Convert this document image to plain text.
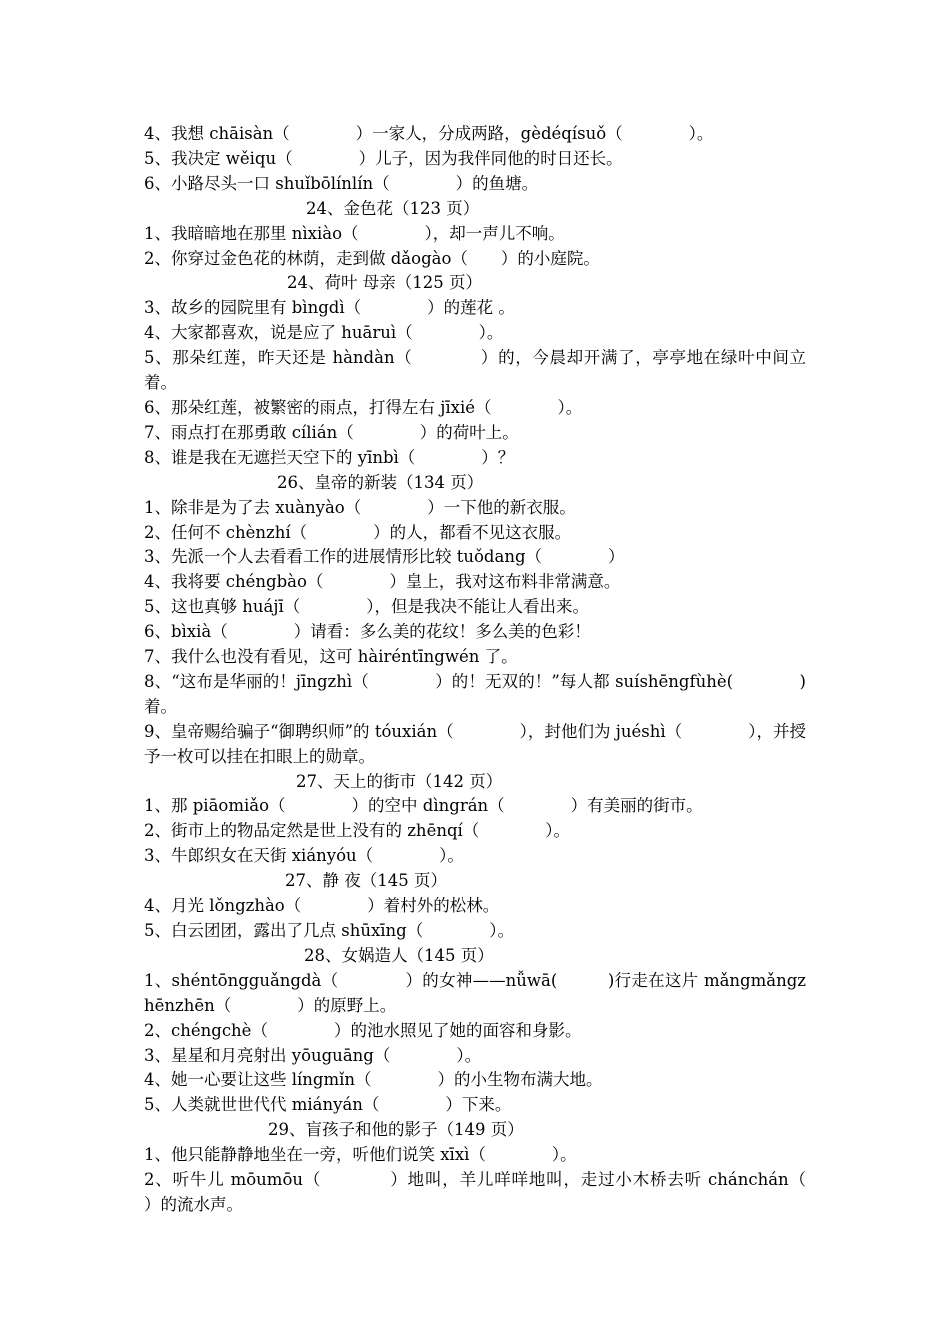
4、我想 chāisàn（　　　　）一家人，分成两路，gèdéqísuǒ（　　　　）。
5、我决定 wěiqu（　　　　）儿子，因为我伴同他的时日还长。
6、小路尽头一口 shuǐbōlínlín（　　　　）的鱼塘。
24、金色花（123 页）
1、我暗暗地在那里 nìxiào（　　　　），却一声儿不响。
2、你穿过金色花的林荫，走到做 dǎogào（　　）的小庭院。
24、荷叶 母亲（125 页）
3、故乡的园院里有 bìngdì（　　　　）的莲花 。
4、大家都喜欢，说是应了 huāruì（　　　　）。
5、那朵红莲，昨天还是 hàndàn（　　　　）的，今晨却开满了，亭亭地在绿叶中间立着。
6、那朵红莲，被繁密的雨点，打得左右 jīxié（　　　　）。
7、雨点打在那勇敢 cílián（　　　　）的荷叶上。
8、谁是我在无遮拦天空下的 yīnbì（　　　　）？
26、皇帝的新装（134 页）
1、除非是为了去 xuànyào（　　　　）一下他的新衣服。
2、任何不 chènzhí（　　　　）的人，都看不见这衣服。
3、先派一个人去看看工作的进展情形比较 tuǒdang（　　　　）
4、我将要 chéngbào（　　　　）皇上，我对这布料非常满意。
5、这也真够 huájī（　　　　），但是我决不能让人看出来。
6、bìxià（　　　　）请看：多么美的花纹！多么美的色彩！
7、我什么也没有看见，这可 hàiréntīngwén 了。
8、“这布是华丽的！jīngzhì（　　　　）的！无双的！”每人都 suíshēngfùhè(　　　　)着。
9、皇帝赐给骗子“御聘织师”的 tóuxián（　　　　），封他们为 juéshì（　　　　），并授予一枚可以挂在扣眼上的勋章。
27、天上的街市（142 页）
1、那 piāomiǎo（　　　　）的空中 dìngrán（　　　　）有美丽的街市。
2、街市上的物品定然是世上没有的 zhēnqí（　　　　）。
3、牛郎织女在天街 xiányóu（　　　　）。
27、静 夜（145 页）
4、月光 lǒngzhào（　　　　）着村外的松林。
5、白云团团，露出了几点 shūxīng（　　　　）。
28、女娲造人（145 页）
1、shéntōngguǎngdà（　　　　）的女神——nǚwā(　　　)行走在这片 mǎngmǎngzhēnzhēn（　　　　）的原野上。
2、chéngchè（　　　　）的池水照见了她的面容和身影。
3、星星和月亮射出 yōuguāng（　　　　）。
4、她一心要让这些 língmǐn（　　　　）的小生物布满大地。
5、人类就世世代代 miányán（　　　　）下来。
29、盲孩子和他的影子（149 页）
1、他只能静静地坐在一旁，听他们说笑 xīxì（　　　　）。
2、听牛儿 mōumōu（　　　　）地叫，羊儿咩咩地叫，走过小木桥去听 chánchán（　　　　）的流水声。
